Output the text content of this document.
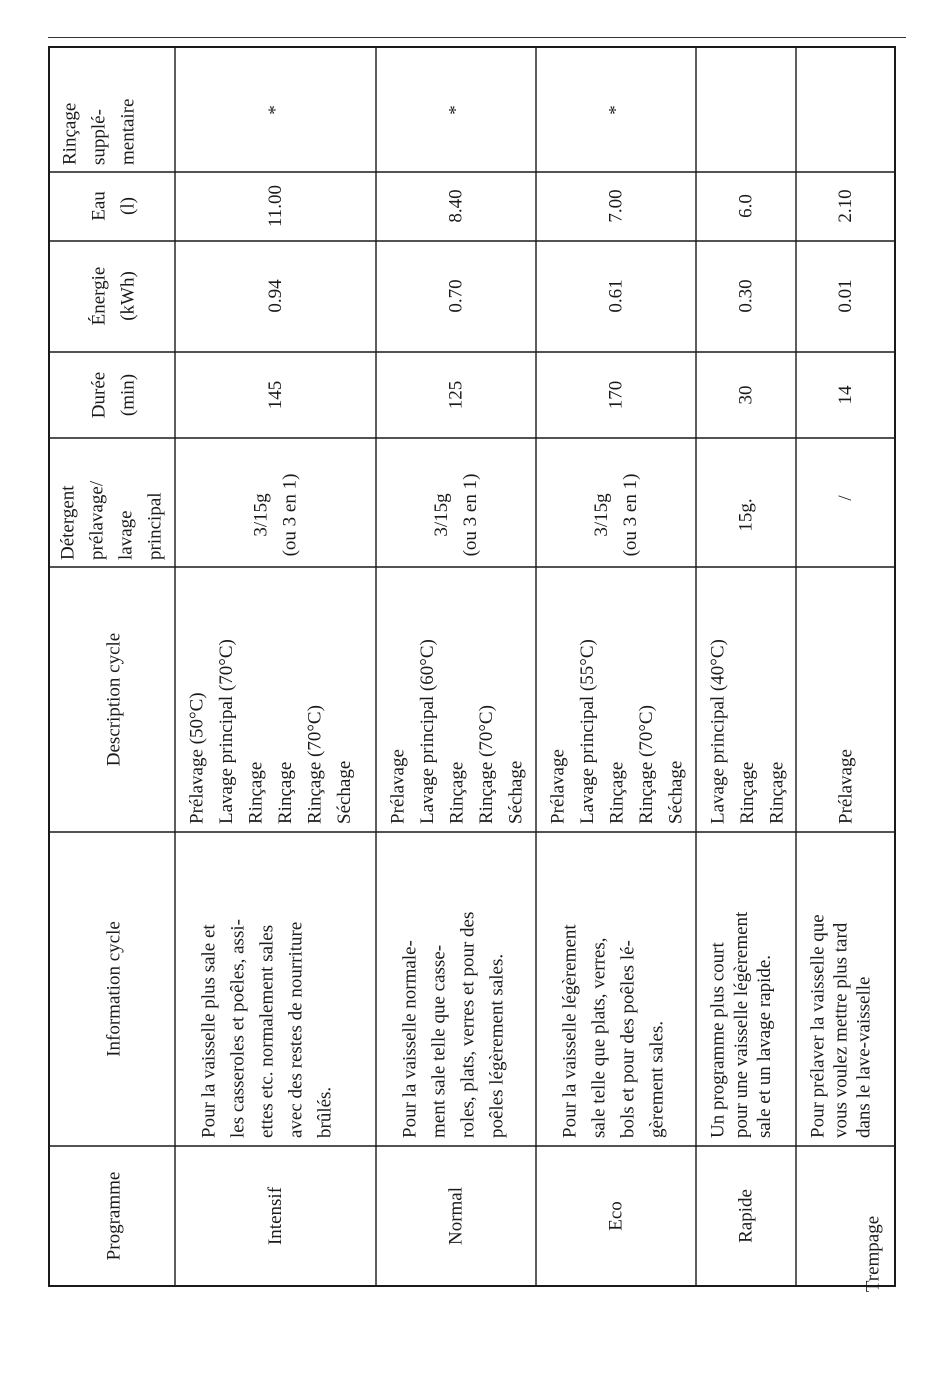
Programme
Information cycle
Description cycle
Détergent prélavage/ lavage principal
Durée (min)
Énergie (kWh)
Eau (l)
Rinçage supplé- mentaire
Intensif
Pour la vaisselle plus sale et les casseroles et poêles, assi- ettes etc. normalement sales avec des restes de nourriture brûlés.
Prélavage (50°C) Lavage principal (70°C) Rinçage Rinçage Rinçage (70°C) Séchage
3/15g (ou 3 en 1)
145
0.94
11.00
*
Normal
Pour la vaisselle normale- ment sale telle que casse- roles, plats, verres et pour des poêles légèrement sales.
Prélavage Lavage principal (60°C) Rinçage Rinçage (70°C) Séchage
3/15g (ou 3 en 1)
125
0.70
8.40
*
Eco
Pour la vaisselle légèrement sale telle que plats, verres, bols et pour des poêles lé- gèrement sales.
Prélavage Lavage principal (55°C) Rinçage Rinçage (70°C) Séchage
3/15g (ou 3 en 1)
170
0.61
7.00
*
Rapide
Un programme plus court pour une vaisselle légèrement sale et un lavage rapide.
Lavage principal (40°C) Rinçage Rinçage
15g.
30
0.30
6.0
Trempage
Pour prélaver la vaisselle que vous voulez mettre plus tard dans le lave-vaisselle
Prélavage
/
14
0.01
2.10
